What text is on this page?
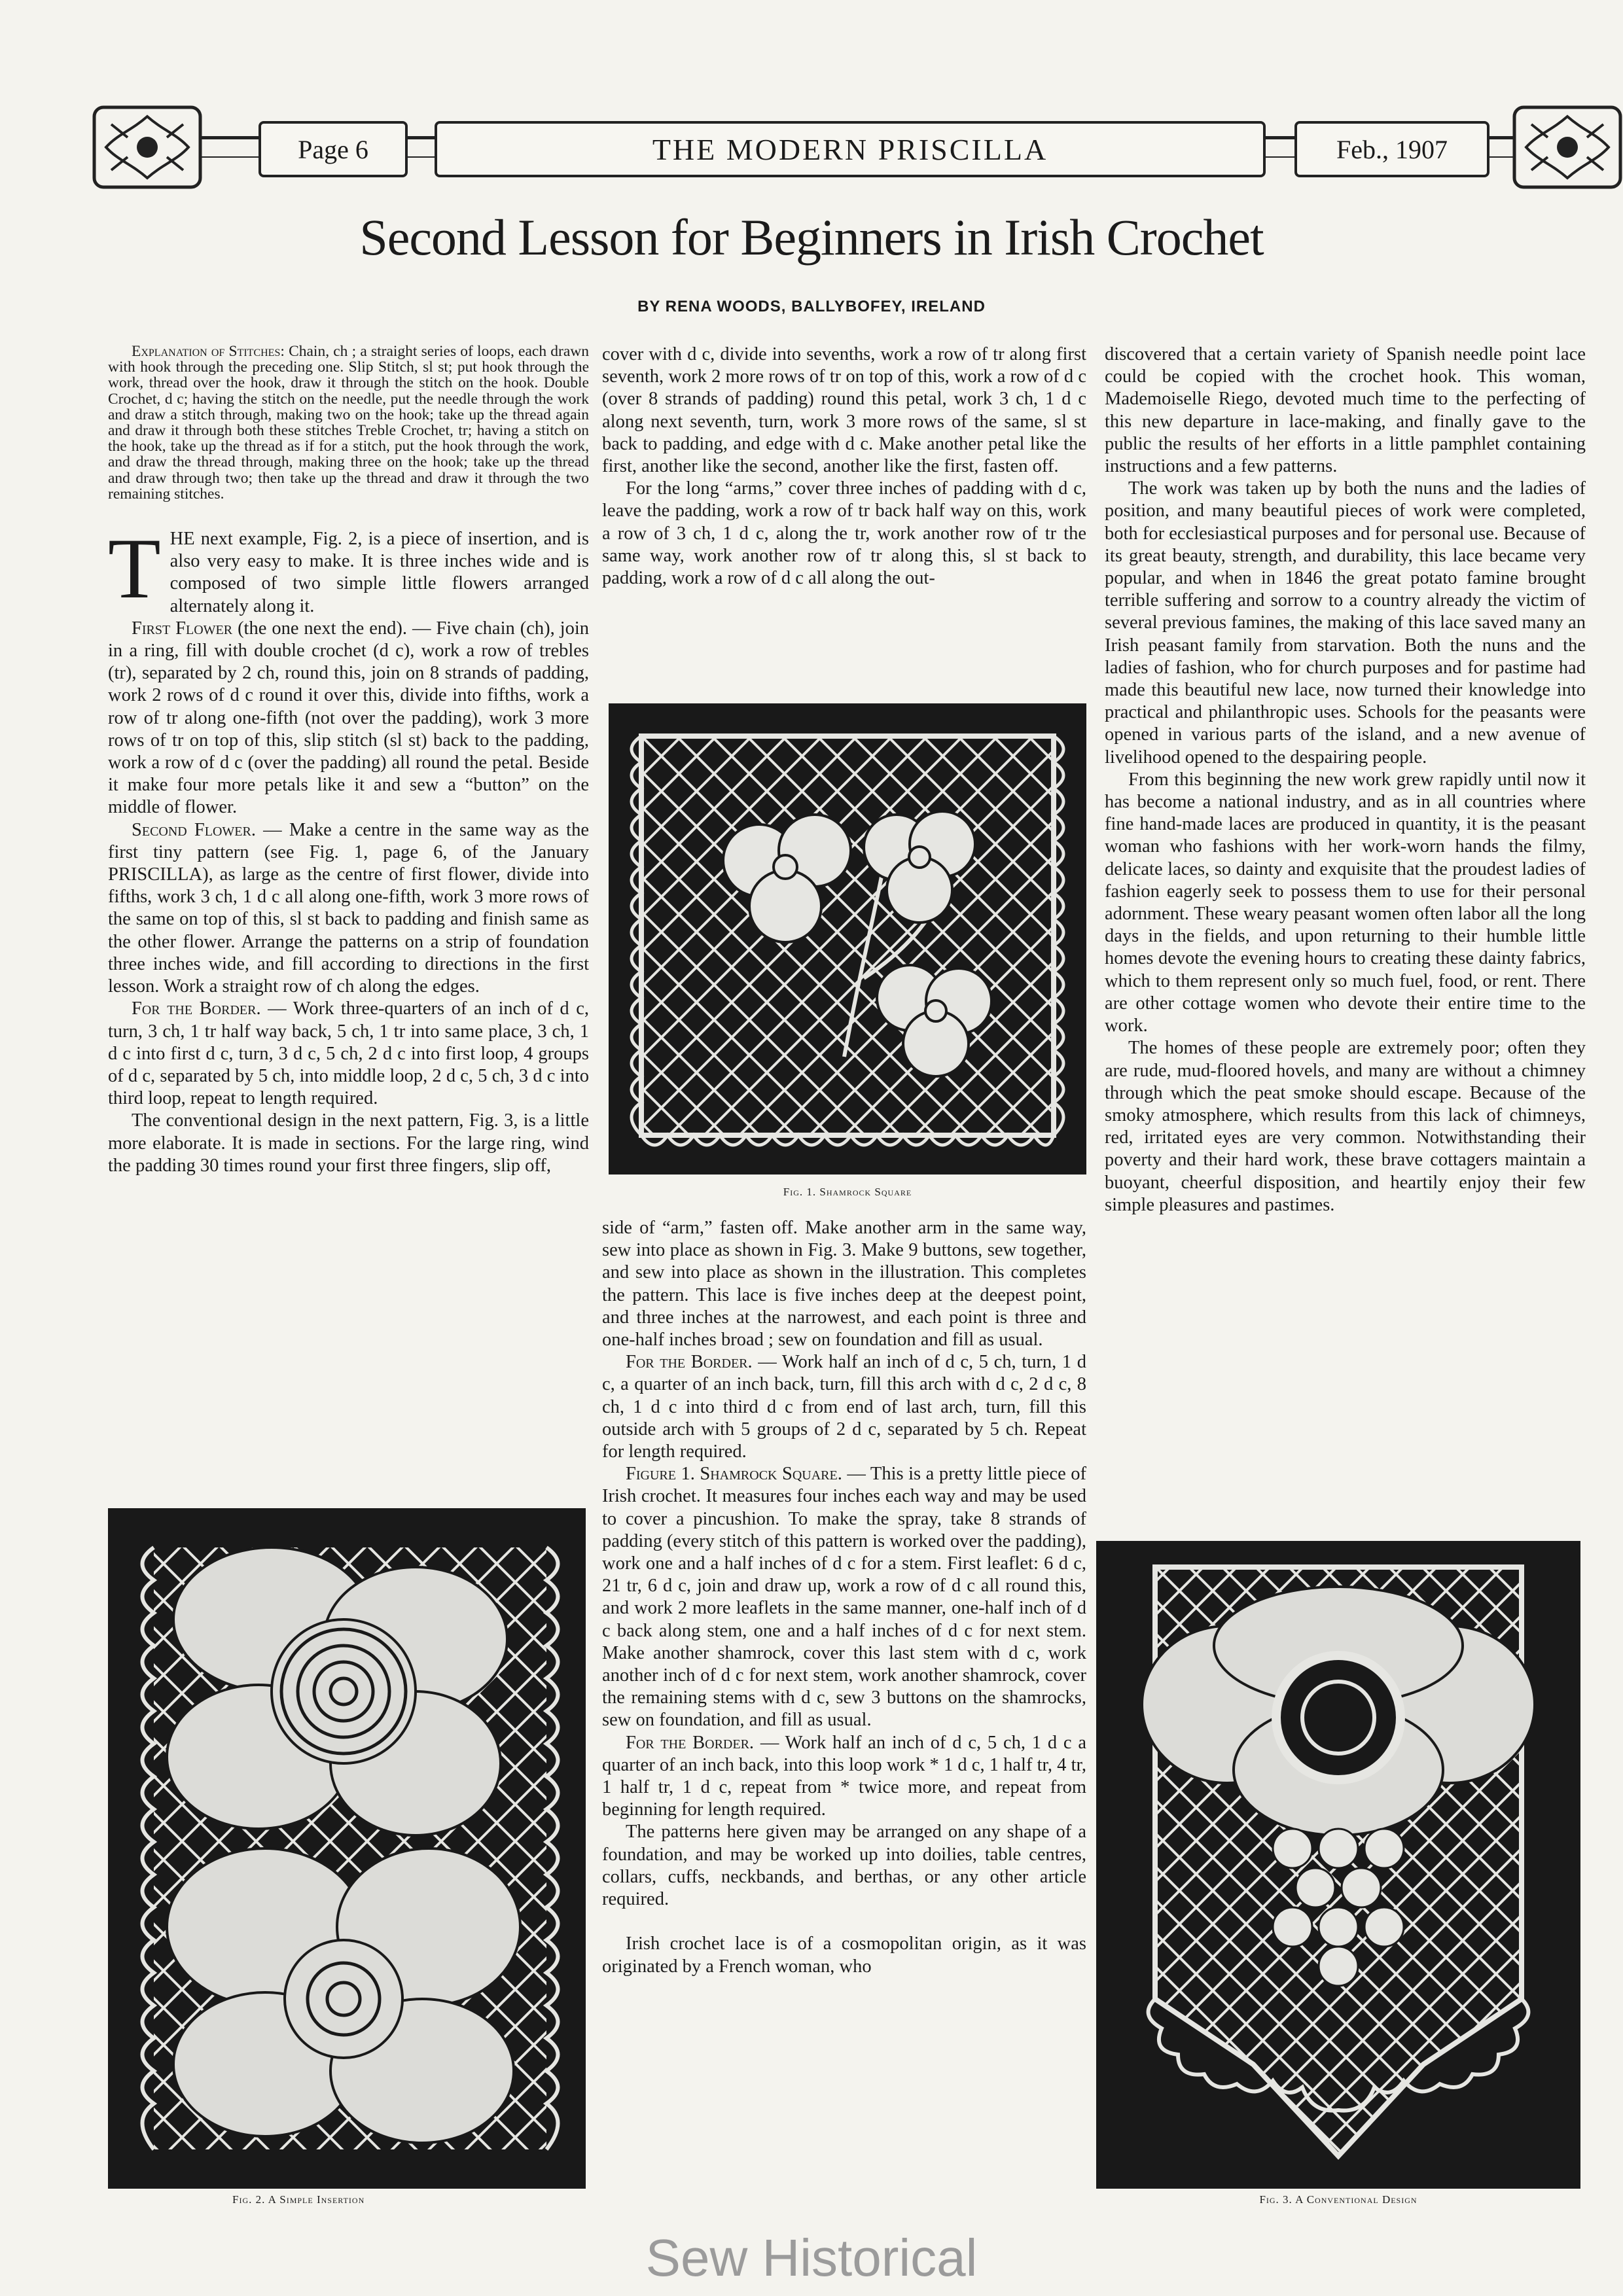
Page 6	THE MODERN PRISCILLA	Feb., 1907
Second Lesson for Beginners in Irish Crochet
BY RENA WOODS, BALLYBOFEY, IRELAND

Explanation of Stitches: Chain, ch ; a straight series of loops, each drawn with hook through the preceding one. Slip Stitch, sl st; put hook through the work, thread over the hook, draw it through the stitch on the hook. Double Crochet, d c; having the stitch on the needle, put the needle through the work and draw a stitch through, making two on the hook; take up the thread again and draw it through both these stitches Treble Crochet, tr; having a stitch on the hook, take up the thread as if for a stitch, put the hook through the work, and draw the thread through, making three on the hook; take up the thread and draw through two; then take up the thread and draw it through the two remaining stitches.

THE next example, Fig. 2, is a piece of insertion, and is also very easy to make. It is three inches wide and is composed of two simple little flowers arranged alternately along it.

First Flower (the one next the end). — Five chain (ch), join in a ring, fill with double crochet (d c), work a row of trebles (tr), separated by 2 ch, round this, join on 8 strands of padding, work 2 rows of d c round it over this, divide into fifths, work a row of tr along one-fifth (not over the padding), work 3 more rows of tr on top of this, slip stitch (sl st) back to the padding, work a row of d c (over the padding) all round the petal. Beside it make four more petals like it and sew a “button” on the middle of flower.

Second Flower. — Make a centre in the same way as the first tiny pattern (see Fig. 1, page 6, of the January PRISCILLA), as large as the centre of first flower, divide into fifths, work 3 ch, 1 d c all along one-fifth, work 3 more rows of the same on top of this, sl st back to padding and finish same as the other flower. Arrange the patterns on a strip of foundation three inches wide, and fill according to directions in the first lesson. Work a straight row of ch along the edges.

For the Border. — Work three-quarters of an inch of d c, turn, 3 ch, 1 tr half way back, 5 ch, 1 tr into same place, 3 ch, 1 d c into first d c, turn, 3 d c, 5 ch, 2 d c into first loop, 4 groups of d c, separated by 5 ch, into middle loop, 2 d c, 5 ch, 3 d c into third loop, repeat to length required.

The conventional design in the next pattern, Fig. 3, is a little more elaborate. It is made in sections. For the large ring, wind the padding 30 times round your first three fingers, slip off,

cover with d c, divide into sevenths, work a row of tr along first seventh, work 2 more rows of tr on top of this, work a row of d c (over 8 strands of padding) round this petal, work 3 ch, 1 d c along next seventh, turn, work 3 more rows of the same, sl st back to padding, and edge with d c. Make another petal like the first, another like the second, another like the first, fasten off.

For the long “arms,” cover three inches of padding with d c, leave the padding, work a row of tr back half way on this, work a row of 3 ch, 1 d c, along the tr, work another row of tr the same way, work another row of tr along this, sl st back to padding, work a row of d c all along the out-

Fig. 1. Shamrock Square

side of “arm,” fasten off. Make another arm in the same way, sew into place as shown in Fig. 3. Make 9 buttons, sew together, and sew into place as shown in the illustration. This completes the pattern. This lace is five inches deep at the deepest point, and three inches at the narrowest, and each point is three and one-half inches broad ; sew on foundation and fill as usual.

For the Border. — Work half an inch of d c, 5 ch, turn, 1 d c, a quarter of an inch back, turn, fill this arch with d c, 2 d c, 8 ch, 1 d c into third d c from end of last arch, turn, fill this outside arch with 5 groups of 2 d c, separated by 5 ch. Repeat for length required.

Figure 1. Shamrock Square. — This is a pretty little piece of Irish crochet. It measures four inches each way and may be used to cover a pincushion. To make the spray, take 8 strands of padding (every stitch of this pattern is worked over the padding), work one and a half inches of d c for a stem. First leaflet: 6 d c, 21 tr, 6 d c, join and draw up, work a row of d c all round this, and work 2 more leaflets in the same manner, one-half inch of d c back along stem, one and a half inches of d c for next stem. Make another shamrock, cover this last stem with d c, work another inch of d c for next stem, work another shamrock, cover the remaining stems with d c, sew 3 buttons on the shamrocks, sew on foundation, and fill as usual.

For the Border. — Work half an inch of d c, 5 ch, 1 d c a quarter of an inch back, into this loop work * 1 d c, 1 half tr, 4 tr, 1 half tr, 1 d c, repeat from * twice more, and repeat from beginning for length required.

The patterns here given may be arranged on any shape of a foundation, and may be worked up into doilies, table centres, collars, cuffs, neckbands, and berthas, or any other article required.

Irish crochet lace is of a cosmopolitan origin, as it was originated by a French woman, who

discovered that a certain variety of Spanish needle point lace could be copied with the crochet hook. This woman, Mademoiselle Riego, devoted much time to the perfecting of this new departure in lace-making, and finally gave to the public the results of her efforts in a little pamphlet containing instructions and a few patterns.

The work was taken up by both the nuns and the ladies of position, and many beautiful pieces of work were completed, both for ecclesiastical purposes and for personal use. Because of its great beauty, strength, and durability, this lace became very popular, and when in 1846 the great potato famine brought terrible suffering and sorrow to a country already the victim of several previous famines, the making of this lace saved many an Irish peasant family from starvation. Both the nuns and the ladies of fashion, who for church purposes and for pastime had made this beautiful new lace, now turned their knowledge into practical and philanthropic uses. Schools for the peasants were opened in various parts of the island, and a new avenue of livelihood opened to the despairing people.

From this beginning the new work grew rapidly until now it has become a national industry, and as in all countries where fine hand-made laces are produced in quantity, it is the peasant woman who fashions with her work-worn hands the filmy, delicate laces, so dainty and exquisite that the proudest ladies of fashion eagerly seek to possess them to use for their personal adornment. These weary peasant women often labor all the long days in the fields, and upon returning to their humble little homes devote the evening hours to creating these dainty fabrics, which to them represent only so much fuel, food, or rent. There are other cottage women who devote their entire time to the work.

The homes of these people are extremely poor; often they are rude, mud-floored hovels, and many are without a chimney through which the peat smoke should escape. Because of the smoky atmosphere, which results from this lack of chimneys, red, irritated eyes are very common. Notwithstanding their poverty and their hard work, these brave cottagers maintain a buoyant, cheerful disposition, and heartily enjoy their few simple pleasures and pastimes.

Fig. 2. A Simple Insertion	Fig. 3. A Conventional Design
Sew Historical
